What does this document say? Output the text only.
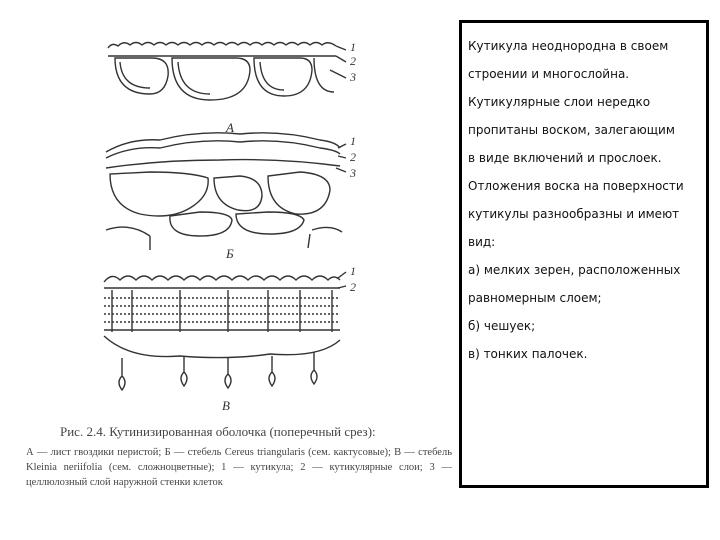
1
2
3
А
1
2
3
Б
1
2
В
Рис. 2.4. Кутинизированная оболочка (поперечный срез):
А — лист гвоздики перистой; Б — стебель Cereus triangularis (сем. кактусовые); В — стебель Kleinia neriifolia (сем. сложноцветные); 1 — кутикула; 2 — кутикулярные слои; 3 — целлюлозный слой наружной стенки клеток
Кутикула неоднородна в своем
строении и многослойна.
Кутикулярные слои нередко
пропитаны воском, залегающим
в виде включений и прослоек.
Отложения воска на поверхности
кутикулы разнообразны и имеют
вид:
а) мелких зерен, расположенных
равномерным слоем;
б) чешуек;
в) тонких палочек.
